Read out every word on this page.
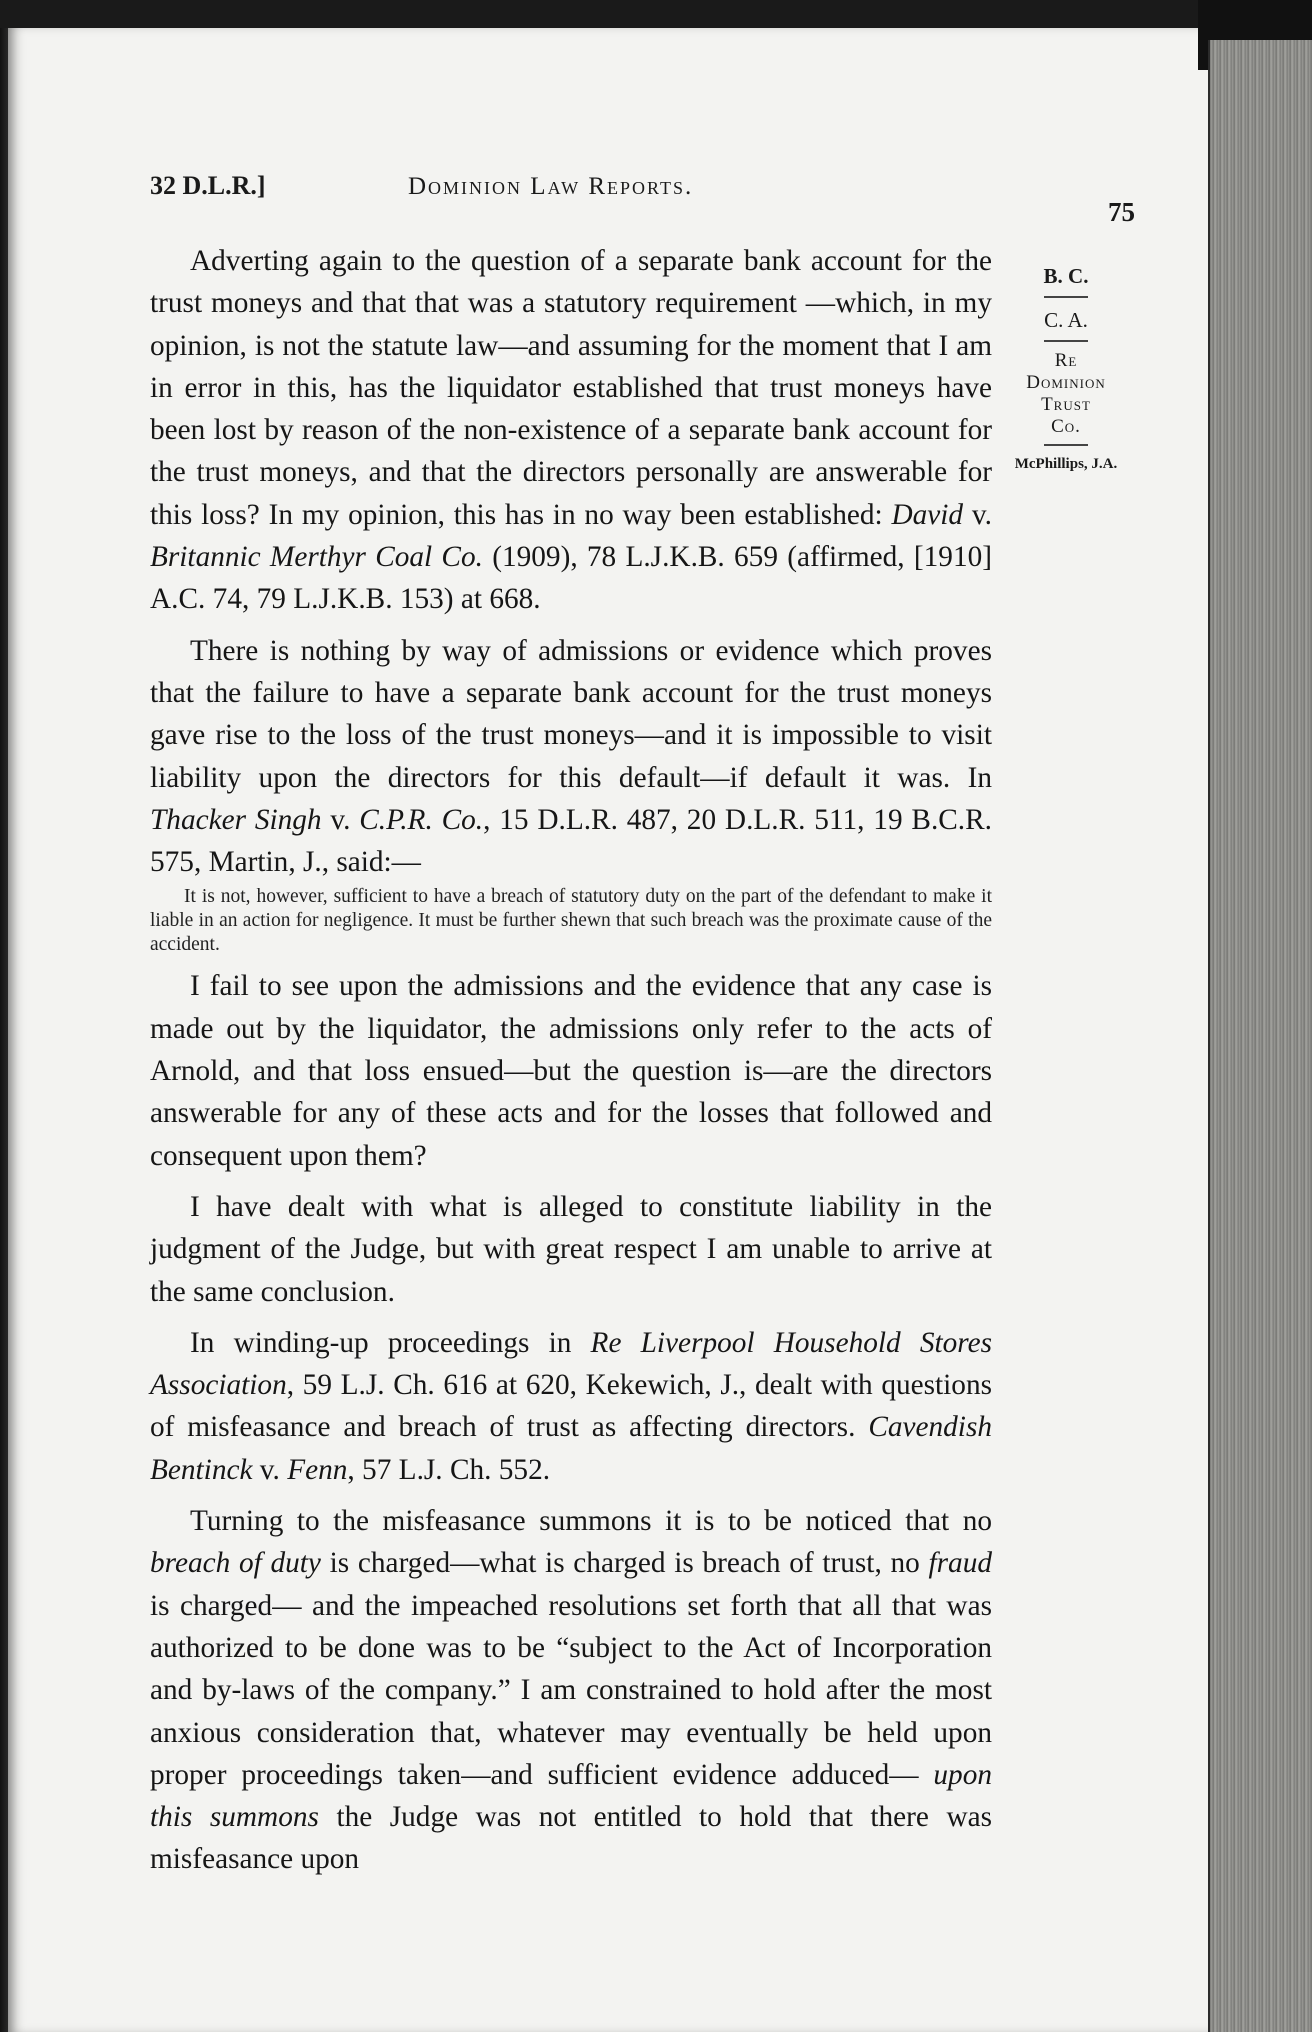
32 D.L.R.]	Dominion Law Reports.
75
B. C.
C. A.
Re
Dominion
Trust
Co.
McPhillips, J.A.

Adverting again to the question of a separate bank account for the trust moneys and that that was a statutory requirement —which, in my opinion, is not the statute law—and assuming for the moment that I am in error in this, has the liquidator established that trust moneys have been lost by reason of the non-existence of a separate bank account for the trust moneys, and that the directors personally are answerable for this loss? In my opinion, this has in no way been established: David v. Britannic Merthyr Coal Co. (1909), 78 L.J.K.B. 659 (affirmed, [1910] A.C. 74, 79 L.J.K.B. 153) at 668.

There is nothing by way of admissions or evidence which proves that the failure to have a separate bank account for the trust moneys gave rise to the loss of the trust moneys—and it is impossible to visit liability upon the directors for this default—if default it was. In Thacker Singh v. C.P.R. Co., 15 D.L.R. 487, 20 D.L.R. 511, 19 B.C.R. 575, Martin, J., said:—

It is not, however, sufficient to have a breach of statutory duty on the part of the defendant to make it liable in an action for negligence. It must be further shewn that such breach was the proximate cause of the accident.

I fail to see upon the admissions and the evidence that any case is made out by the liquidator, the admissions only refer to the acts of Arnold, and that loss ensued—but the question is—are the directors answerable for any of these acts and for the losses that followed and consequent upon them?

I have dealt with what is alleged to constitute liability in the judgment of the Judge, but with great respect I am unable to arrive at the same conclusion.

In winding-up proceedings in Re Liverpool Household Stores Association, 59 L.J. Ch. 616 at 620, Kekewich, J., dealt with questions of misfeasance and breach of trust as affecting directors. Cavendish Bentinck v. Fenn, 57 L.J. Ch. 552.

Turning to the misfeasance summons it is to be noticed that no breach of duty is charged—what is charged is breach of trust, no fraud is charged— and the impeached resolutions set forth that all that was authorized to be done was to be “subject to the Act of Incorporation and by-laws of the company.” I am constrained to hold after the most anxious consideration that, whatever may eventually be held upon proper proceedings taken—and sufficient evidence adduced— upon this summons the Judge was not entitled to hold that there was misfeasance upon
